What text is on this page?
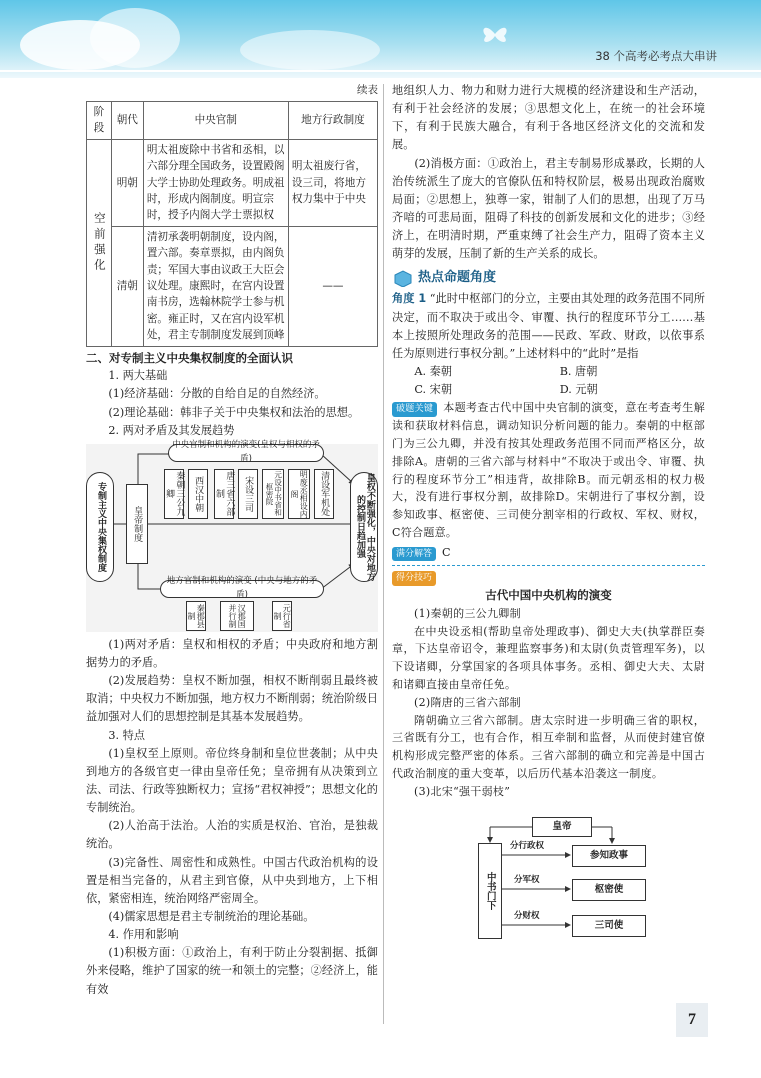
38 个高考必考点大串讲
续表
阶段	朝代	中央官制	地方行政制度
空前强化	明朝	明太祖废除中书省和丞相，以六部分理全国政务，设置殿阁大学士协助处理政务。明成祖时，形成内阁制度。明宣宗时，授予内阁大学士票拟权	明太祖废行省，设三司，将地方权力集中于中央
	清朝	清初承袭明朝制度，设内阁，置六部。奏章票拟，由内阁负责；军国大事由议政王大臣会议处理。康熙时，在宫内设置南书房，选翰林院学士参与机密。雍正时，又在宫内设军机处，君主专制制度发展到顶峰	——
二、对专制主义中央集权制度的全面认识
1. 两大基础
(1)经济基础：分散的自给自足的自然经济。
(2)理论基础：韩非子关于中央集权和法治的思想。
2. 两对矛盾及其发展趋势
中央官制和机构的演变(皇权与相权的矛盾)
地方官制和机构的演变 (中央与地方的矛盾)
专制主义中央集权制度	皇帝制度	皇权不断强化，中央对地方的控制日趋加强
秦朝三公九卿	西汉中朝	唐三省六部制	宋设三司	元设中书省和枢密院	明废丞相设内阁	清设军机处
秦郡县制	汉郡国并行制	元行省制
(1)两对矛盾：皇权和相权的矛盾；中央政府和地方割据势力的矛盾。
(2)发展趋势：皇权不断加强，相权不断削弱且最终被取消；中央权力不断加强，地方权力不断削弱；统治阶级日益加强对人们的思想控制是其基本发展趋势。
3. 特点
(1)皇权至上原则。帝位终身制和皇位世袭制；从中央到地方的各级官吏一律由皇帝任免；皇帝拥有从决策到立法、司法、行政等独断权力；宣扬“君权神授”；思想文化的专制统治。
(2)人治高于法治。人治的实质是权治、官治，是独裁统治。
(3)完备性、周密性和成熟性。中国古代政治机构的设置是相当完备的，从君主到官僚，从中央到地方，上下相依，紧密相连，统治网络严密周全。
(4)儒家思想是君主专制统治的理论基础。
4. 作用和影响
(1)积极方面：①政治上，有利于防止分裂割据、抵御外来侵略，维护了国家的统一和领土的完整；②经济上，能有效
地组织人力、物力和财力进行大规模的经济建设和生产活动，有利于社会经济的发展；③思想文化上，在统一的社会环境下，有利于民族大融合，有利于各地区经济文化的交流和发展。
(2)消极方面：①政治上，君主专制易形成暴政，长期的人治传统派生了庞大的官僚队伍和特权阶层，极易出现政治腐败局面；②思想上，独尊一家，钳制了人们的思想，出现了万马齐喑的可悲局面，阻碍了科技的创新发展和文化的进步；③经济上，在明清时期，严重束缚了社会生产力，阻碍了资本主义萌芽的发展，压制了新的生产关系的成长。
热点命题角度
角度 1 “此时中枢部门的分立，主要由其处理的政务范围不同所决定，而不取决于或出令、审覆、执行的程度环节分工……基本上按照所处理政务的范围——民政、军政、财政，以依事系任为原则进行事权分割。”上述材料中的“此时”是指
A. 秦朝	B. 唐朝
C. 宋朝	D. 元朝
破题关键 本题考查古代中国中央官制的演变，意在考查考生解读和获取材料信息，调动知识分析问题的能力。秦朝的中枢部门为三公九卿，并没有按其处理政务范围不同而严格区分，故排除A。唐朝的三省六部与材料中“不取决于或出令、审覆、执行的程度环节分工”相违背，故排除B。而元朝丞相的权力极大，没有进行事权分割，故排除D。宋朝进行了事权分割，设参知政事、枢密使、三司使分割宰相的行政权、军权、财权，C符合题意。
满分解答 C
得分技巧
古代中国中央机构的演变
(1)秦朝的三公九卿制
在中央设丞相(帮助皇帝处理政事)、御史大夫(执掌群臣奏章，下达皇帝诏令，兼理监察事务)和太尉(负责管理军务)，以下设诸卿，分掌国家的各项具体事务。丞相、御史大夫、太尉和诸卿直接由皇帝任免。
(2)隋唐的三省六部制
隋朝确立三省六部制。唐太宗时进一步明确三省的职权，三省既有分工，也有合作，相互牵制和监督，从而使封建官僚机构形成完整严密的体系。三省六部制的确立和完善是中国古代政治制度的重大变革，以后历代基本沿袭这一制度。
(3)北宋“强干弱枝”
皇帝
中书门下
分行政权
分军权
分财权
参知政事
枢密使
三司使
7
